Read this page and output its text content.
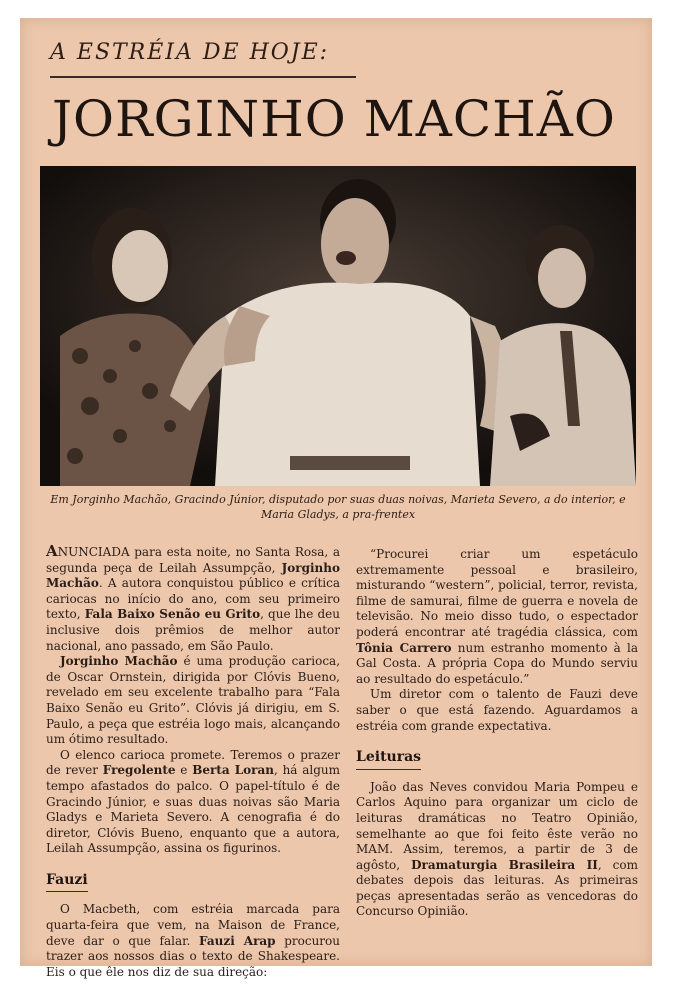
A ESTRÉIA DE HOJE:
JORGINHO MACHÃO
Em Jorginho Machão, Gracindo Júnior, disputado por suas duas noivas, Marieta Severo, a do interior, e Maria Gladys, a pra-frentex

ANUNCIADA para esta noite, no Santa Rosa, a segunda peça de Leilah Assumpção, Jorginho Machão. A autora conquistou público e crítica cariocas no início do ano, com seu primeiro texto, Fala Baixo Senão eu Grito, que lhe deu inclusive dois prêmios de melhor autor nacional, ano passado, em São Paulo.

Jorginho Machão é uma produção carioca, de Oscar Ornstein, dirigida por Clóvis Bueno, revelado em seu excelente trabalho para “Fala Baixo Senão eu Grito”. Clóvis já dirigiu, em S. Paulo, a peça que estréia logo mais, alcançando um ótimo resultado.

O elenco carioca promete. Teremos o prazer de rever Fregolente e Berta Loran, há algum tempo afastados do palco. O papel-título é de Gracindo Júnior, e suas duas noivas são Maria Gladys e Marieta Severo. A cenografia é do diretor, Clóvis Bueno, enquanto que a autora, Leilah Assumpção, assina os figurinos.

Fauzi

O Macbeth, com estréia marcada para quarta-feira que vem, na Maison de France, deve dar o que falar. Fauzi Arap procurou trazer aos nossos dias o texto de Shakespeare. Eis o que êle nos diz de sua direção:

“Procurei criar um espetáculo extremamente pessoal e brasileiro, misturando “western”, policial, terror, revista, filme de samurai, filme de guerra e novela de televisão. No meio disso tudo, o espectador poderá encontrar até tragédia clássica, com Tônia Carrero num estranho momento à la Gal Costa. A própria Copa do Mundo serviu ao resultado do espetáculo.”

Um diretor com o talento de Fauzi deve saber o que está fazendo. Aguardamos a estréia com grande expectativa.

Leituras

João das Neves convidou Maria Pompeu e Carlos Aquino para organizar um ciclo de leituras dramáticas no Teatro Opinião, semelhante ao que foi feito êste verão no MAM. Assim, teremos, a partir de 3 de agôsto, Dramaturgia Brasileira II, com debates depois das leituras. As primeiras peças apresentadas serão as vencedoras do Concurso Opinião.
